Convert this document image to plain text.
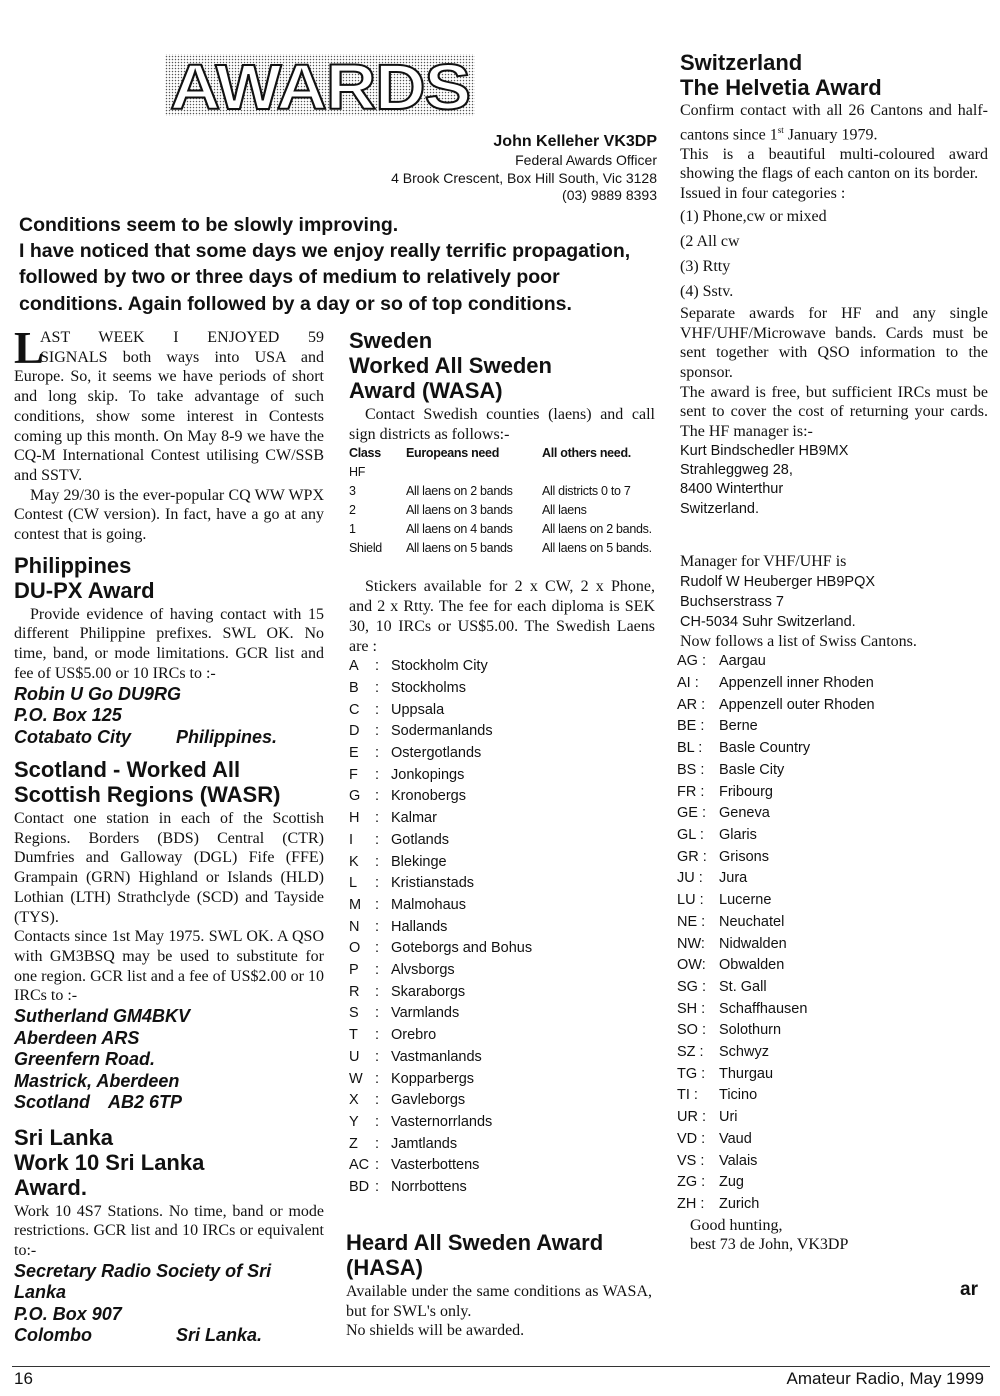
AWARDS
John Kelleher VK3DP
Federal Awards Officer
4 Brook Crescent, Box Hill South, Vic 3128
(03) 9889 8393
Conditions seem to be slowly improving.
I have noticed that some days we enjoy really terrific propagation,
followed by two or three days of medium to relatively poor
conditions. Again followed by a day or so of top conditions.
L
AST WEEK I ENJOYED 59
SIGNALS both ways into USA and
Europe. So, it seems we have periods of short and long skip. To take advantage of such conditions, show some interest in Contests coming up this month. On May 8-9 we have the CQ-M International Contest utilising CW/SSB and SSTV.
May 29/30 is the ever-popular CQ WW WPX Contest (CW version). In fact, have a go at any contest that is going.
Philippines
DU-PX Award
Provide evidence of having contact with 15 different Philippine prefixes. SWL OK. No time, band, or mode limitations. GCR list and fee of US$5.00 or 10 IRCs to :-
Robin U Go DU9RG
P.O. Box 125
Cotabato City	Philippines.
Scotland - Worked All
Scottish Regions (WASR)
Contact one station in each of the Scottish Regions. Borders (BDS) Central (CTR) Dumfries and Galloway (DGL) Fife (FFE) Grampain (GRN) Highland or Islands (HLD) Lothian (LTH) Strathclyde (SCD) and Tayside (TYS).
Contacts since 1st May 1975. SWL OK. A QSO with GM3BSQ may be used to substitute for one region. GCR list and a fee of US$2.00 or 10 IRCs to :-
Sutherland GM4BKV
Aberdeen ARS
Greenfern Road.
Mastrick, Aberdeen
Scotland AB2 6TP
Sri Lanka
Work 10 Sri Lanka
Award.
Work 10 4S7 Stations. No time, band or mode restrictions. GCR list and 10 IRCs or equivalent to:-
Secretary Radio Society of Sri
Lanka
P.O. Box 907
Colombo	Sri Lanka.
Sweden
Worked All Sweden
Award (WASA)
Contact Swedish counties (laens) and call sign districts as follows:-
Class	Europeans need	All others need.
HF		
3	All laens on 2 bands	All districts 0 to 7
2	All laens on 3 bands	All laens
1	All laens on 4 bands	All laens on 2 bands.
Shield	All laens on 5 bands	All laens on 5 bands.
Stickers available for 2 x CW, 2 x Phone, and 2 x Rtty. The fee for each diploma is SEK 30, 10 IRCs or US$5.00. The Swedish Laens are :
A	: Stockholm City
B	: Stockholms
C	: Uppsala
D	: Sodermanlands
E	: Ostergotlands
F	: Jonkopings
G	: Kronobergs
H	: Kalmar
I	: Gotlands
K	: Blekinge
L	: Kristianstads
M : Malmohaus
N	: Hallands
O	: Goteborgs and Bohus
P	: Alvsborgs
R	: Skaraborgs
S	: Varmlands
T	: Orebro
U	: Vastmanlands
W : Kopparbergs
X	: Gavleborgs
Y	: Vasternorrlands
Z	: Jamtlands
AC : Vasterbottens
BD : Norrbottens
Heard All Sweden Award
(HASA)
Available under the same conditions as WASA, but for SWL's only.
No shields will be awarded.
Switzerland
The Helvetia Award
Confirm contact with all 26 Cantons and half-cantons since 1st January 1979.
This is a beautiful multi-coloured award showing the flags of each canton on its border.
Issued in four categories :
(1) Phone,cw or mixed
(2 All cw
(3) Rtty
(4) Sstv.
Separate awards for HF and any single VHF/UHF/Microwave bands. Cards must be sent together with QSO information to the sponsor.
The award is free, but sufficient IRCs must be sent to cover the cost of returning your cards. The HF manager is:-
Kurt Bindschedler HB9MX
Strahleggweg 28,
8400 Winterthur
Switzerland.
Manager for VHF/UHF is
Rudolf W Heuberger HB9PQX
Buchserstrass 7
CH-5034 Suhr Switzerland.
Now follows a list of Swiss Cantons.
AG : Aargau
AI :	Appenzell inner Rhoden
AR : Appenzell outer Rhoden
BE :	Berne
BL :	Basle Country
BS :	Basle City
FR :	Fribourg
GE : Geneva
GL :	Glaris
GR : Grisons
JU :	Jura
LU :	Lucerne
NE : Neuchatel
NW: Nidwalden
OW: Obwalden
SG : St. Gall
SH : Schaffhausen
SO : Solothurn
SZ :	Schwyz
TG : Thurgau
TI :	Ticino
UR : Uri
VD : Vaud
VS :	Valais
ZG : Zug
ZH :	Zurich
Good hunting,
best 73 de John, VK3DP
ar
16	Amateur Radio, May 1999
